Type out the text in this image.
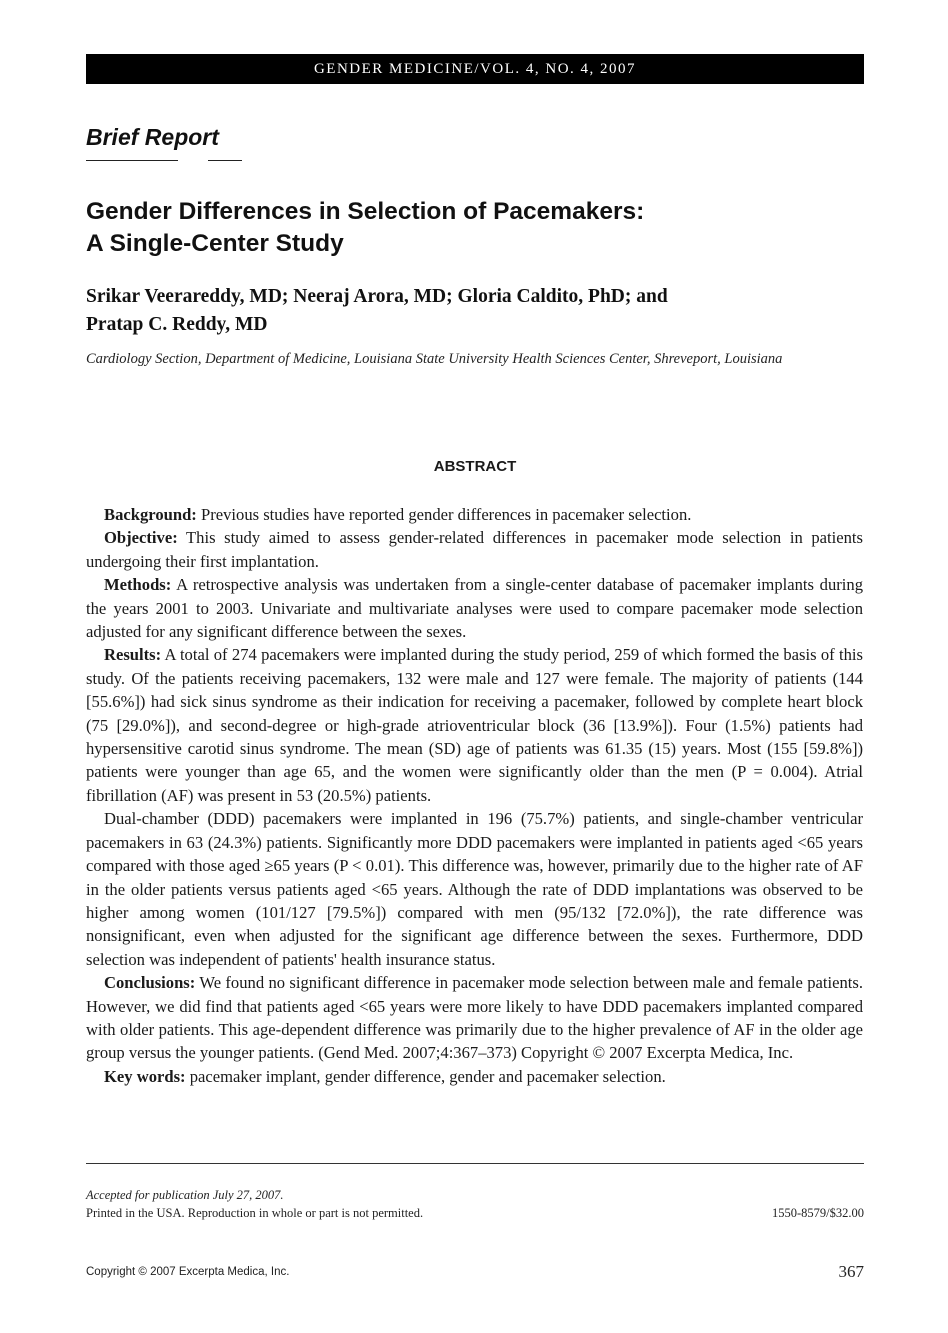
GENDER MEDICINE/VOL. 4, NO. 4, 2007
Brief Report
Gender Differences in Selection of Pacemakers:
A Single-Center Study
Srikar Veerareddy, MD; Neeraj Arora, MD; Gloria Caldito, PhD; and
Pratap C. Reddy, MD
Cardiology Section, Department of Medicine, Louisiana State University Health Sciences Center, Shreveport, Louisiana
ABSTRACT

Background: Previous studies have reported gender differences in pacemaker selection.

Objective: This study aimed to assess gender-related differences in pacemaker mode selection in patients undergoing their first implantation.

Methods: A retrospective analysis was undertaken from a single-center database of pacemaker implants during the years 2001 to 2003. Univariate and multivariate analyses were used to compare pacemaker mode selection adjusted for any significant difference between the sexes.

Results: A total of 274 pacemakers were implanted during the study period, 259 of which formed the basis of this study. Of the patients receiving pacemakers, 132 were male and 127 were female. The majority of patients (144 [55.6%]) had sick sinus syndrome as their indication for receiving a pacemaker, followed by complete heart block (75 [29.0%]), and second-degree or high-grade atrioventricular block (36 [13.9%]). Four (1.5%) patients had hypersensitive carotid sinus syndrome. The mean (SD) age of patients was 61.35 (15) years. Most (155 [59.8%]) patients were younger than age 65, and the women were significantly older than the men (P = 0.004). Atrial fibrillation (AF) was present in 53 (20.5%) patients.

Dual-chamber (DDD) pacemakers were implanted in 196 (75.7%) patients, and single-chamber ventricular pacemakers in 63 (24.3%) patients. Significantly more DDD pacemakers were implanted in patients aged <65 years compared with those aged ≥65 years (P < 0.01). This difference was, however, primarily due to the higher rate of AF in the older patients versus patients aged <65 years. Although the rate of DDD implantations was observed to be higher among women (101/127 [79.5%]) compared with men (95/132 [72.0%]), the rate difference was nonsignificant, even when adjusted for the significant age difference between the sexes. Furthermore, DDD selection was independent of patients' health insurance status.

Conclusions: We found no significant difference in pacemaker mode selection between male and female patients. However, we did find that patients aged <65 years were more likely to have DDD pacemakers implanted compared with older patients. This age-dependent difference was primarily due to the higher prevalence of AF in the older age group versus the younger patients. (Gend Med. 2007;4:367–373) Copyright © 2007 Excerpta Medica, Inc.

Key words: pacemaker implant, gender difference, gender and pacemaker selection.

Accepted for publication July 27, 2007.
Printed in the USA. Reproduction in whole or part is not permitted.	1550-8579/$32.00
Copyright © 2007 Excerpta Medica, Inc.	367
